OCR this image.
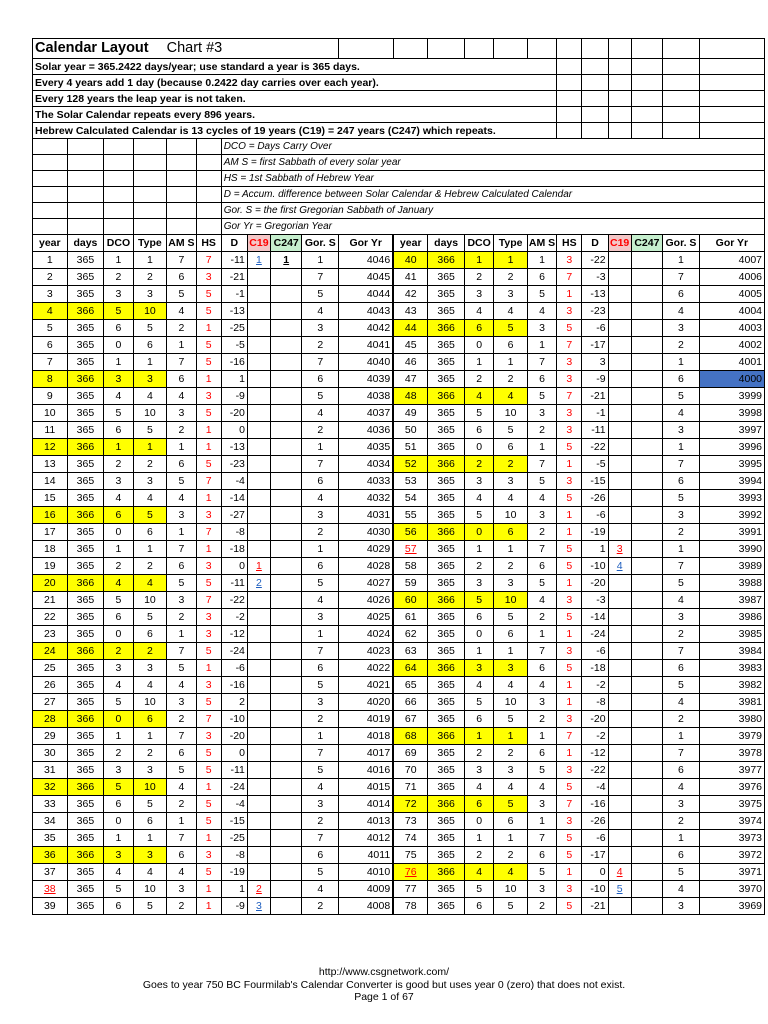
Calendar Layout Chart #3																					
Solar year = 365.2422 days/year; use standard a year is 365 days.																					
Every 4 years add 1 day (because 0.2422 day carries over each year).																					
Every 128 years the leap year is not taken.																					
The Solar Calendar repeats every 896 years.																					
Hebrew Calculated Calendar is 13 cycles of 19 years (C19) = 247 years (C247) which repeats.																					
						DCO = Days Carry Over															
						AM S = first Sabbath of every solar year															
						HS = 1st Sabbath of Hebrew Year															
						D = Accum. difference between Solar Calendar & Hebrew Calculated Calendar															
						Gor. S = the first Gregorian Sabbath of January															
						Gor Yr = Gregorian Year															
year	days	DCO	Type	AM S	HS	D	C19	C247	Gor. S	Gor Yr	year	days	DCO	Type	AM S	HS	D	C19	C247	Gor. S	Gor Yr
1	365	1	1	7	7	-11	1	1	1	4046	40	366	1	1	1	3	-22			1	4007
2	365	2	2	6	3	-21			7	4045	41	365	2	2	6	7	-3			7	4006
3	365	3	3	5	5	-1			5	4044	42	365	3	3	5	1	-13			6	4005
4	366	5	10	4	5	-13			4	4043	43	365	4	4	4	3	-23			4	4004
5	365	6	5	2	1	-25			3	4042	44	366	6	5	3	5	-6			3	4003
6	365	0	6	1	5	-5			2	4041	45	365	0	6	1	7	-17			2	4002
7	365	1	1	7	5	-16			7	4040	46	365	1	1	7	3	3			1	4001
8	366	3	3	6	1	1			6	4039	47	365	2	2	6	3	-9			6	4000
9	365	4	4	4	3	-9			5	4038	48	366	4	4	5	7	-21			5	3999
10	365	5	10	3	5	-20			4	4037	49	365	5	10	3	3	-1			4	3998
11	365	6	5	2	1	0			2	4036	50	365	6	5	2	3	-11			3	3997
12	366	1	1	1	1	-13			1	4035	51	365	0	6	1	5	-22			1	3996
13	365	2	2	6	5	-23			7	4034	52	366	2	2	7	1	-5			7	3995
14	365	3	3	5	7	-4			6	4033	53	365	3	3	5	3	-15			6	3994
15	365	4	4	4	1	-14			4	4032	54	365	4	4	4	5	-26			5	3993
16	366	6	5	3	3	-27			3	4031	55	365	5	10	3	1	-6			3	3992
17	365	0	6	1	7	-8			2	4030	56	366	0	6	2	1	-19			2	3991
18	365	1	1	7	1	-18			1	4029	57	365	1	1	7	5	1	3		1	3990
19	365	2	2	6	3	0	1		6	4028	58	365	2	2	6	5	-10	4		7	3989
20	366	4	4	5	5	-11	2		5	4027	59	365	3	3	5	1	-20			5	3988
21	365	5	10	3	7	-22			4	4026	60	366	5	10	4	3	-3			4	3987
22	365	6	5	2	3	-2			3	4025	61	365	6	5	2	5	-14			3	3986
23	365	0	6	1	3	-12			1	4024	62	365	0	6	1	1	-24			2	3985
24	366	2	2	7	5	-24			7	4023	63	365	1	1	7	3	-6			7	3984
25	365	3	3	5	1	-6			6	4022	64	366	3	3	6	5	-18			6	3983
26	365	4	4	4	3	-16			5	4021	65	365	4	4	4	1	-2			5	3982
27	365	5	10	3	5	2			3	4020	66	365	5	10	3	1	-8			4	3981
28	366	0	6	2	7	-10			2	4019	67	365	6	5	2	3	-20			2	3980
29	365	1	1	7	3	-20			1	4018	68	366	1	1	1	7	-2			1	3979
30	365	2	2	6	5	0			7	4017	69	365	2	2	6	1	-12			7	3978
31	365	3	3	5	5	-11			5	4016	70	365	3	3	5	3	-22			6	3977
32	366	5	10	4	1	-24			4	4015	71	365	4	4	4	5	-4			4	3976
33	365	6	5	2	5	-4			3	4014	72	366	6	5	3	7	-16			3	3975
34	365	0	6	1	5	-15			2	4013	73	365	0	6	1	3	-26			2	3974
35	365	1	1	7	1	-25			7	4012	74	365	1	1	7	5	-6			1	3973
36	366	3	3	6	3	-8			6	4011	75	365	2	2	6	5	-17			6	3972
37	365	4	4	4	5	-19			5	4010	76	366	4	4	5	1	0	4		5	3971
38	365	5	10	3	1	1	2		4	4009	77	365	5	10	3	3	-10	5		4	3970
39	365	6	5	2	1	-9	3		2	4008	78	365	6	5	2	5	-21			3	3969
http://www.csgnetwork.com/
Goes to year 750 BC Fourmilab's Calendar Converter is good but uses year 0 (zero) that does not exist.
Page 1 of 67
